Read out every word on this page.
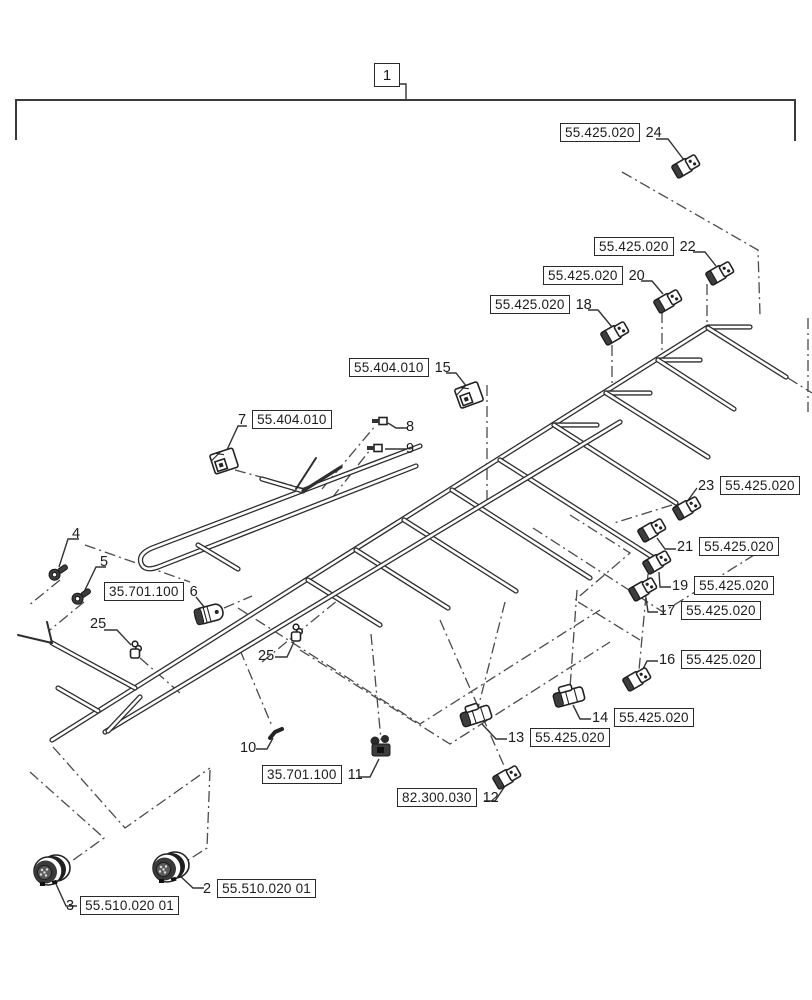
1
55.425.020 24
55.425.020 22
55.425.020 20
55.425.020 18
55.404.010 15
7 55.404.010	8
9
4
5
35.701.100 6
25
25
23 55.425.020
21 55.425.020
19 55.425.020
17 55.425.020
16 55.425.020
14 55.425.020
13 55.425.020
82.300.030 12
10
35.701.100 11
2 55.510.020 01
3 55.510.020 01
